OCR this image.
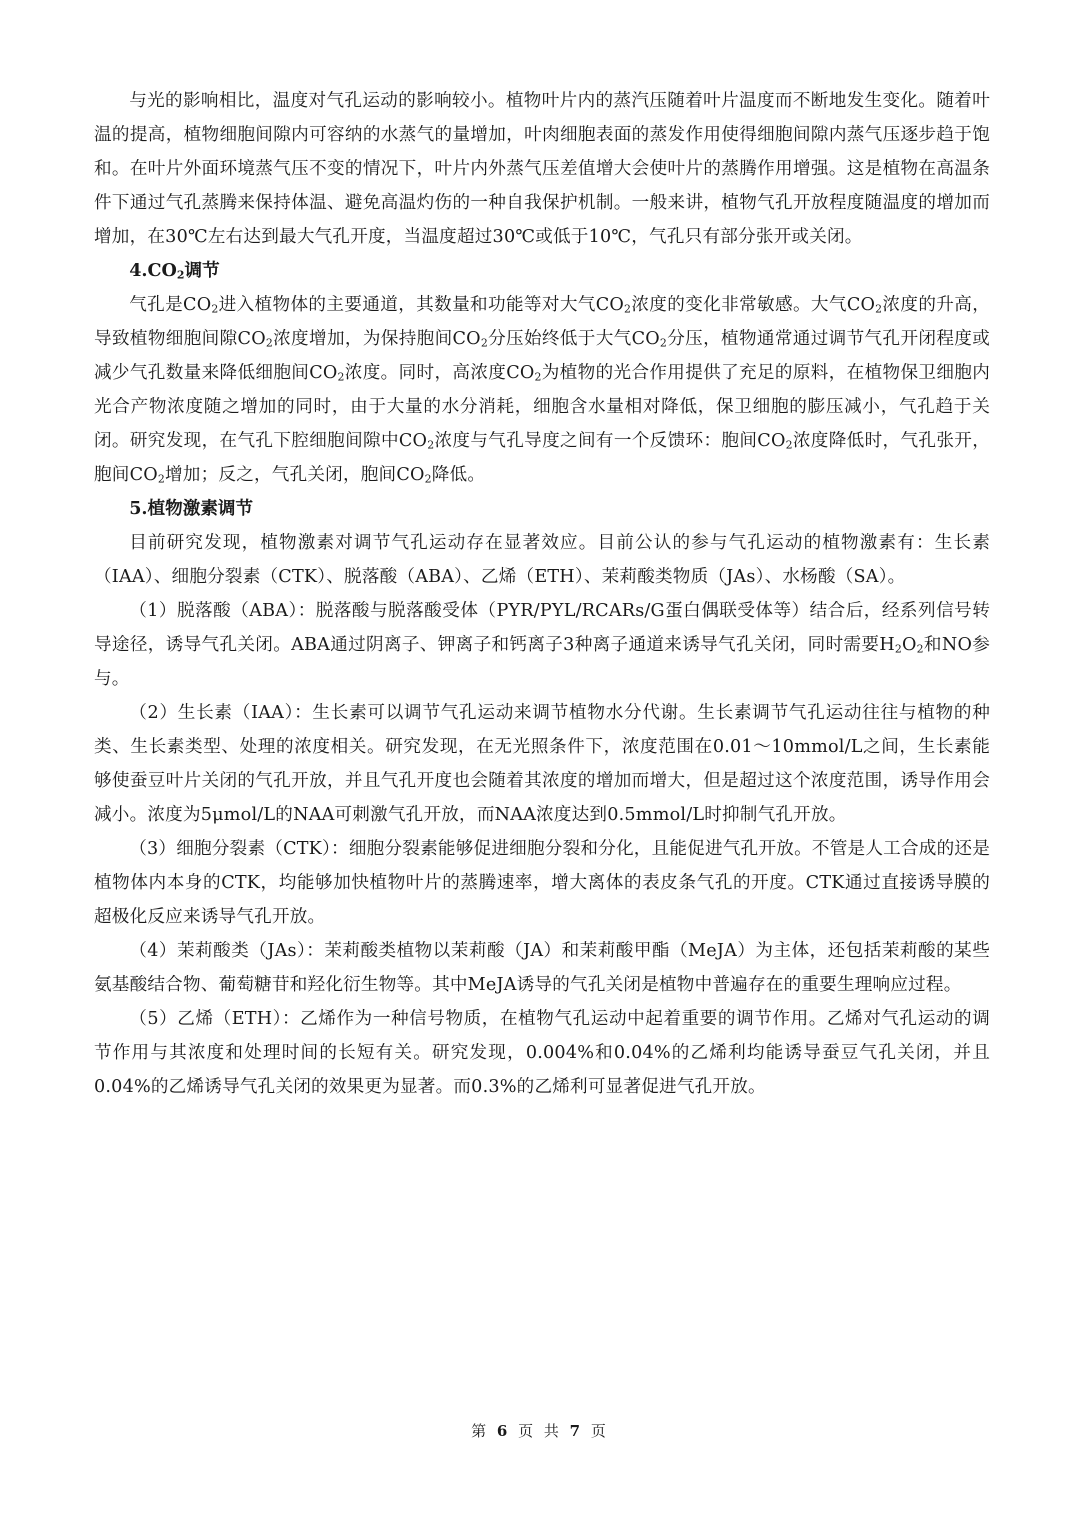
与光的影响相比，温度对气孔运动的影响较小。植物叶片内的蒸汽压随着叶片温度而不断地发生变化。随着叶温的提高，植物细胞间隙内可容纳的水蒸气的量增加，叶肉细胞表面的蒸发作用使得细胞间隙内蒸气压逐步趋于饱和。在叶片外面环境蒸气压不变的情况下，叶片内外蒸气压差值增大会使叶片的蒸腾作用增强。这是植物在高温条件下通过气孔蒸腾来保持体温、避免高温灼伤的一种自我保护机制。一般来讲，植物气孔开放程度随温度的增加而增加，在30℃左右达到最大气孔开度，当温度超过30℃或低于10℃，气孔只有部分张开或关闭。

$4.CO_2$调节

气孔是$CO_2$进入植物体的主要通道，其数量和功能等对大气$CO_2$浓度的变化非常敏感。大气$CO_2$浓度的升高，导致植物细胞间隙$CO_2$浓度增加，为保持胞间$CO_2$分压始终低于大气$CO_2$分压，植物通常通过调节气孔开闭程度或减少气孔数量来降低细胞间$CO_2$浓度。同时，高浓度$CO_2$为植物的光合作用提供了充足的原料，在植物保卫细胞内光合产物浓度随之增加的同时，由于大量的水分消耗，细胞含水量相对降低，保卫细胞的膨压减小，气孔趋于关闭。研究发现，在气孔下腔细胞间隙中$CO_2$浓度与气孔导度之间有一个反馈环：胞间$CO_2$浓度降低时，气孔张开，胞间$CO_2$增加；反之，气孔关闭，胞间$CO_2$降低。

5.植物激素调节

目前研究发现，植物激素对调节气孔运动存在显著效应。目前公认的参与气孔运动的植物激素有：生长素（IAA）、细胞分裂素（CTK）、脱落酸（ABA）、乙烯（ETH）、茉莉酸类物质（JAs）、水杨酸（SA）。

（1）脱落酸（ABA）：脱落酸与脱落酸受体（PYR/PYL/RCARs/G蛋白偶联受体等）结合后，经系列信号转导途径，诱导气孔关闭。ABA通过阴离子、钾离子和钙离子3种离子通道来诱导气孔关闭，同时需要$H_2O_2$和NO参与。

（2）生长素（IAA）：生长素可以调节气孔运动来调节植物水分代谢。生长素调节气孔运动往往与植物的种类、生长素类型、处理的浓度相关。研究发现，在无光照条件下，浓度范围在0.01～10mmol/L之间，生长素能够使蚕豆叶片关闭的气孔开放，并且气孔开度也会随着其浓度的增加而增大，但是超过这个浓度范围，诱导作用会减小。浓度为5μmol/L的NAA可刺激气孔开放，而NAA浓度达到0.5mmol/L时抑制气孔开放。

（3）细胞分裂素（CTK）：细胞分裂素能够促进细胞分裂和分化，且能促进气孔开放。不管是人工合成的还是植物体内本身的CTK，均能够加快植物叶片的蒸腾速率，增大离体的表皮条气孔的开度。CTK通过直接诱导膜的超极化反应来诱导气孔开放。

（4）茉莉酸类（JAs）：茉莉酸类植物以茉莉酸（JA）和茉莉酸甲酯（MeJA）为主体，还包括茉莉酸的某些氨基酸结合物、葡萄糖苷和羟化衍生物等。其中MeJA诱导的气孔关闭是植物中普遍存在的重要生理响应过程。

（5）乙烯（ETH）：乙烯作为一种信号物质，在植物气孔运动中起着重要的调节作用。乙烯对气孔运动的调节作用与其浓度和处理时间的长短有关。研究发现，0.004%和0.04%的乙烯利均能诱导蚕豆气孔关闭，并且0.04%的乙烯诱导气孔关闭的效果更为显著。而0.3%的乙烯利可显著促进气孔开放。

第 6 页 共 7 页
